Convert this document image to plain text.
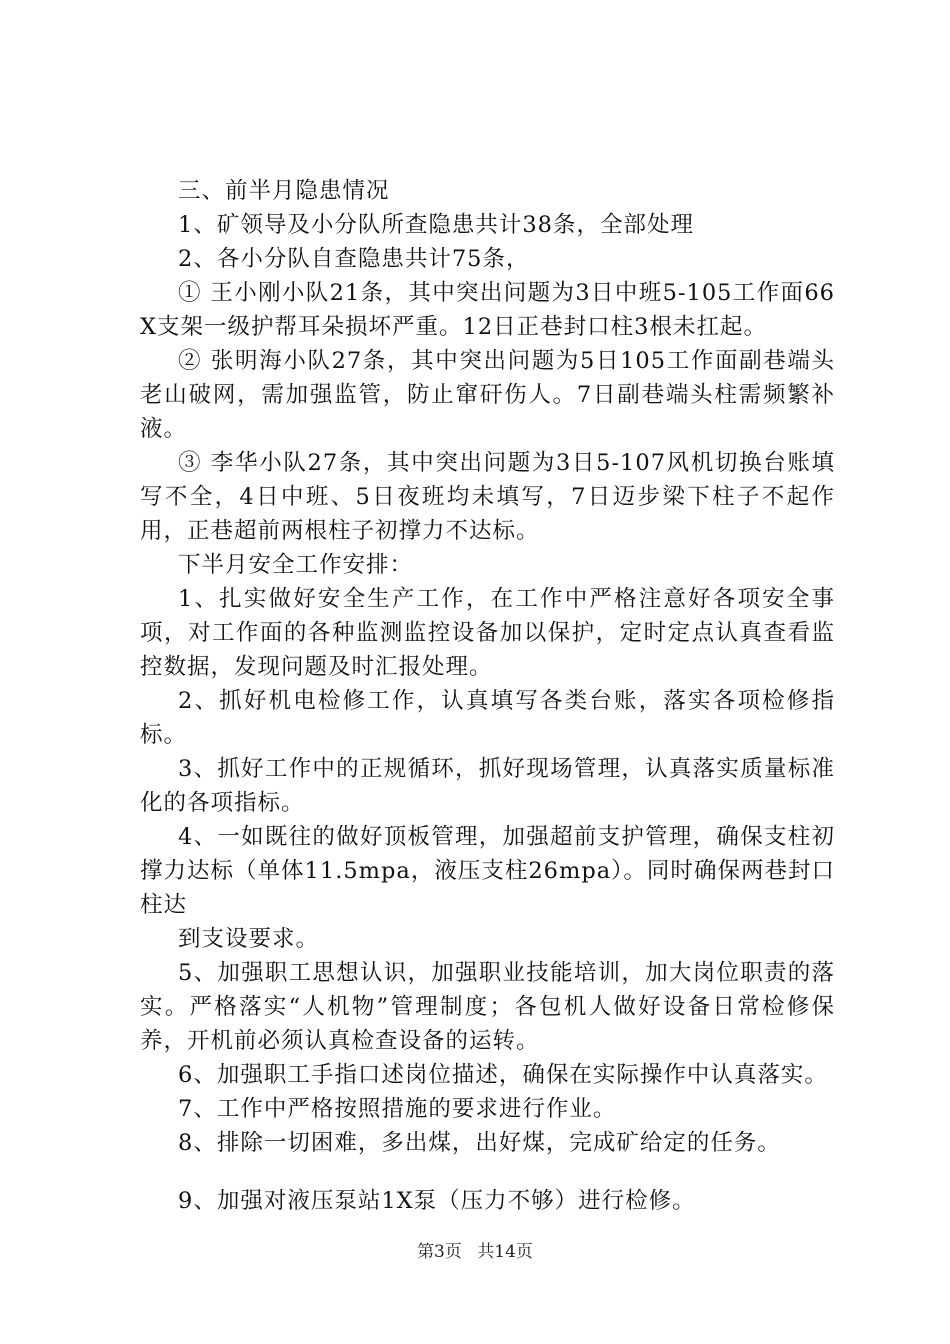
三、前半月隐患情况

1、矿领导及小分队所查隐患共计38条，全部处理

2、各小分队自查隐患共计75条，

① 王小刚小队21条，其中突出问题为3日中班5-105工作面66X支架一级护帮耳朵损坏严重。12日正巷封口柱3根未扛起。

② 张明海小队27条，其中突出问题为5日105工作面副巷端头老山破网，需加强监管，防止窜矸伤人。7日副巷端头柱需频繁补液。

③ 李华小队27条，其中突出问题为3日5-107风机切换台账填写不全，4日中班、5日夜班均未填写，7日迈步梁下柱子不起作用，正巷超前两根柱子初撑力不达标。

下半月安全工作安排：

1、扎实做好安全生产工作，在工作中严格注意好各项安全事项，对工作面的各种监测监控设备加以保护，定时定点认真查看监控数据，发现问题及时汇报处理。

2、抓好机电检修工作，认真填写各类台账，落实各项检修指标。

3、抓好工作中的正规循环，抓好现场管理，认真落实质量标准化的各项指标。

4、一如既往的做好顶板管理，加强超前支护管理，确保支柱初撑力达标（单体11.5mpa，液压支柱26mpa）。同时确保两巷封口柱达

到支设要求。

5、加强职工思想认识，加强职业技能培训，加大岗位职责的落实。严格落实“人机物”管理制度；各包机人做好设备日常检修保养，开机前必须认真检查设备的运转。

6、加强职工手指口述岗位描述，确保在实际操作中认真落实。

7、工作中严格按照措施的要求进行作业。

8、排除一切困难，多出煤，出好煤，完成矿给定的任务。

9、加强对液压泵站1X泵（压力不够）进行检修。

第3页 共14页
